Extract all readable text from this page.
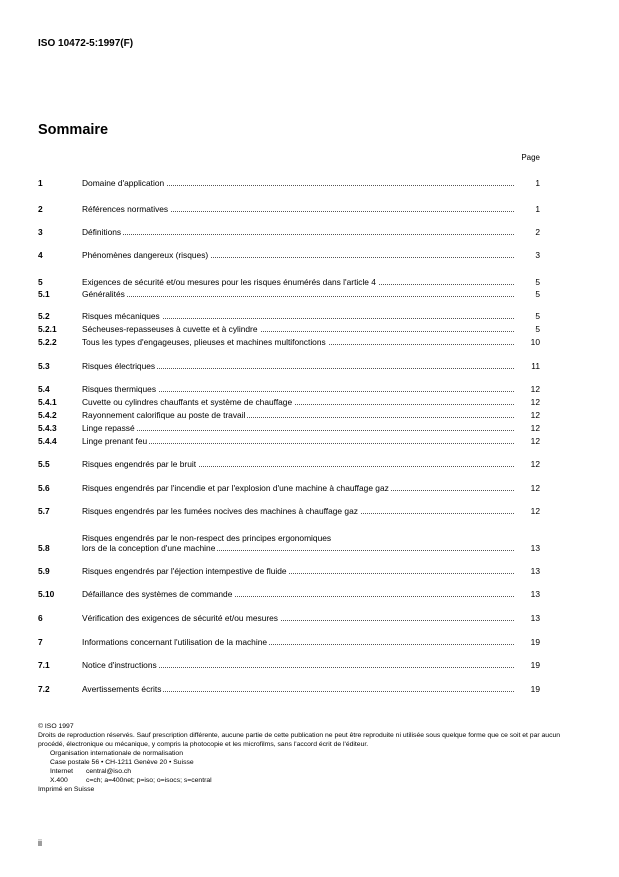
ISO 10472-5:1997(F)
Sommaire
Page
1	Domaine d'application	1
2	Références normatives	1
3	Définitions	2
4	Phénomènes dangereux (risques)	3
5	Exigences de sécurité et/ou mesures pour les risques énumérés dans l'article 4	5
5.1	Généralités	5
5.2	Risques mécaniques	5
5.2.1	Sécheuses-repasseuses à cuvette et à cylindre	5
5.2.2	Tous les types d'engageuses, plieuses et machines multifonctions	10
5.3	Risques électriques	11
5.4	Risques thermiques	12
5.4.1	Cuvette ou cylindres chauffants et système de chauffage	12
5.4.2	Rayonnement calorifique au poste de travail	12
5.4.3	Linge repassé	12
5.4.4	Linge prenant feu	12
5.5	Risques engendrés par le bruit	12
5.6	Risques engendrés par l'incendie et par l'explosion d'une machine à chauffage gaz	12
5.7	Risques engendrés par les fumées nocives des machines à chauffage gaz	12
5.8
Risques engendrés par le non-respect des principes ergonomiques
lors de la conception d'une machine	13
5.9	Risques engendrés par l'éjection intempestive de fluide	13
5.10	Défaillance des systèmes de commande	13
6	Vérification des exigences de sécurité et/ou mesures	13
7	Informations concernant l'utilisation de la machine	19
7.1	Notice d'instructions	19
7.2	Avertissements écrits	19

© ISO 1997

Droits de reproduction réservés. Sauf prescription différente, aucune partie de cette publication ne peut être reproduite ni utilisée sous quelque forme que ce soit et par aucun procédé, électronique ou mécanique, y compris la photocopie et les microfilms, sans l'accord écrit de l'éditeur.

Organisation internationale de normalisation

Case postale 56 • CH-1211 Genève 20 • Suisse

Internet central@iso.ch

X.400	c=ch; a=400net; p=iso; o=isocs; s=central

Imprimé en Suisse

ii
